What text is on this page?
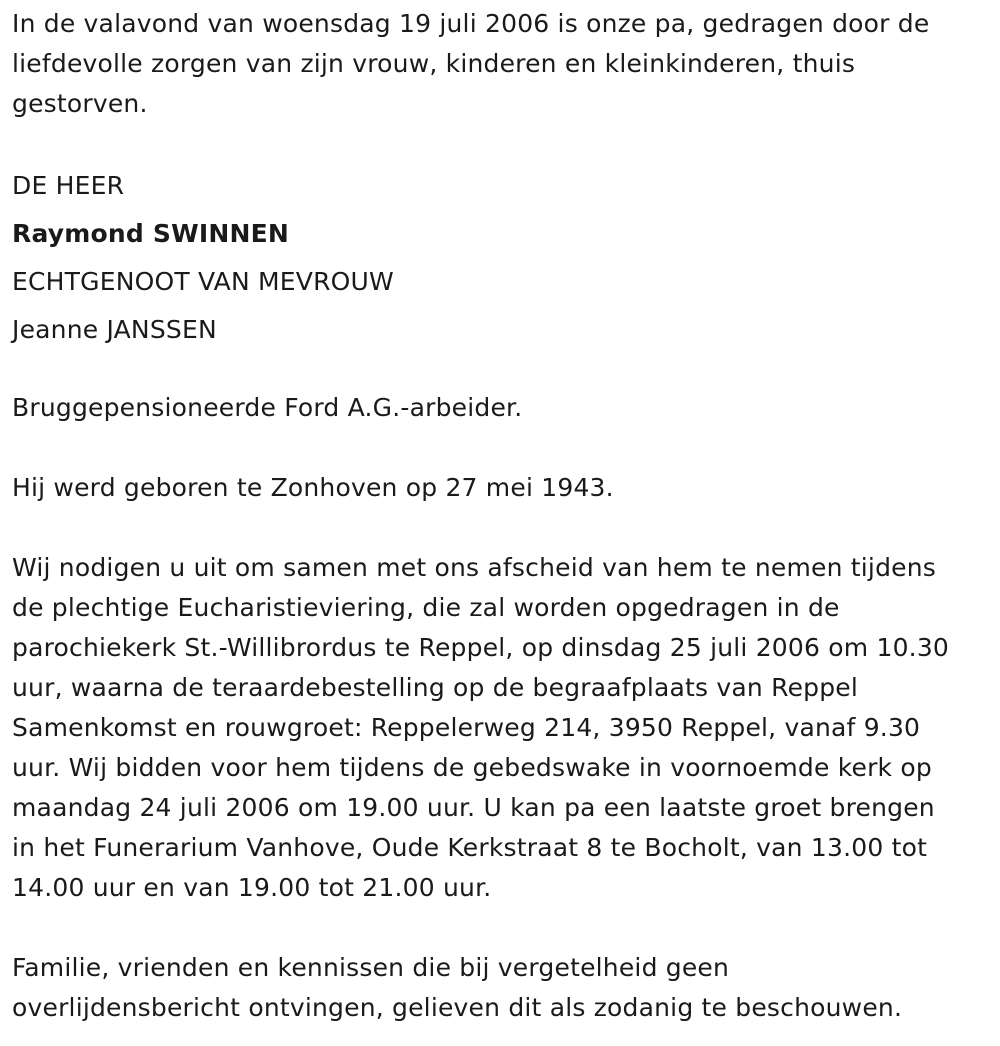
In de valavond van woensdag 19 juli 2006 is onze pa, gedragen door de
liefdevolle zorgen van zijn vrouw, kinderen en kleinkinderen, thuis
gestorven.

DE HEER
Raymond SWINNEN
ECHTGENOOT VAN MEVROUW
Jeanne JANSSEN

Bruggepensioneerde Ford A.G.-arbeider.

Hij werd geboren te Zonhoven op 27 mei 1943.

Wij nodigen u uit om samen met ons afscheid van hem te nemen tijdens
de plechtige Eucharistieviering, die zal worden opgedragen in de
parochiekerk St.-Willibrordus te Reppel, op dinsdag 25 juli 2006 om 10.30
uur, waarna de teraardebestelling op de begraafplaats van Reppel
Samenkomst en rouwgroet: Reppelerweg 214, 3950 Reppel, vanaf 9.30
uur. Wij bidden voor hem tijdens de gebedswake in voornoemde kerk op
maandag 24 juli 2006 om 19.00 uur. U kan pa een laatste groet brengen
in het Funerarium Vanhove, Oude Kerkstraat 8 te Bocholt, van 13.00 tot
14.00 uur en van 19.00 tot 21.00 uur.

Familie, vrienden en kennissen die bij vergetelheid geen
overlijdensbericht ontvingen, gelieven dit als zodanig te beschouwen.
